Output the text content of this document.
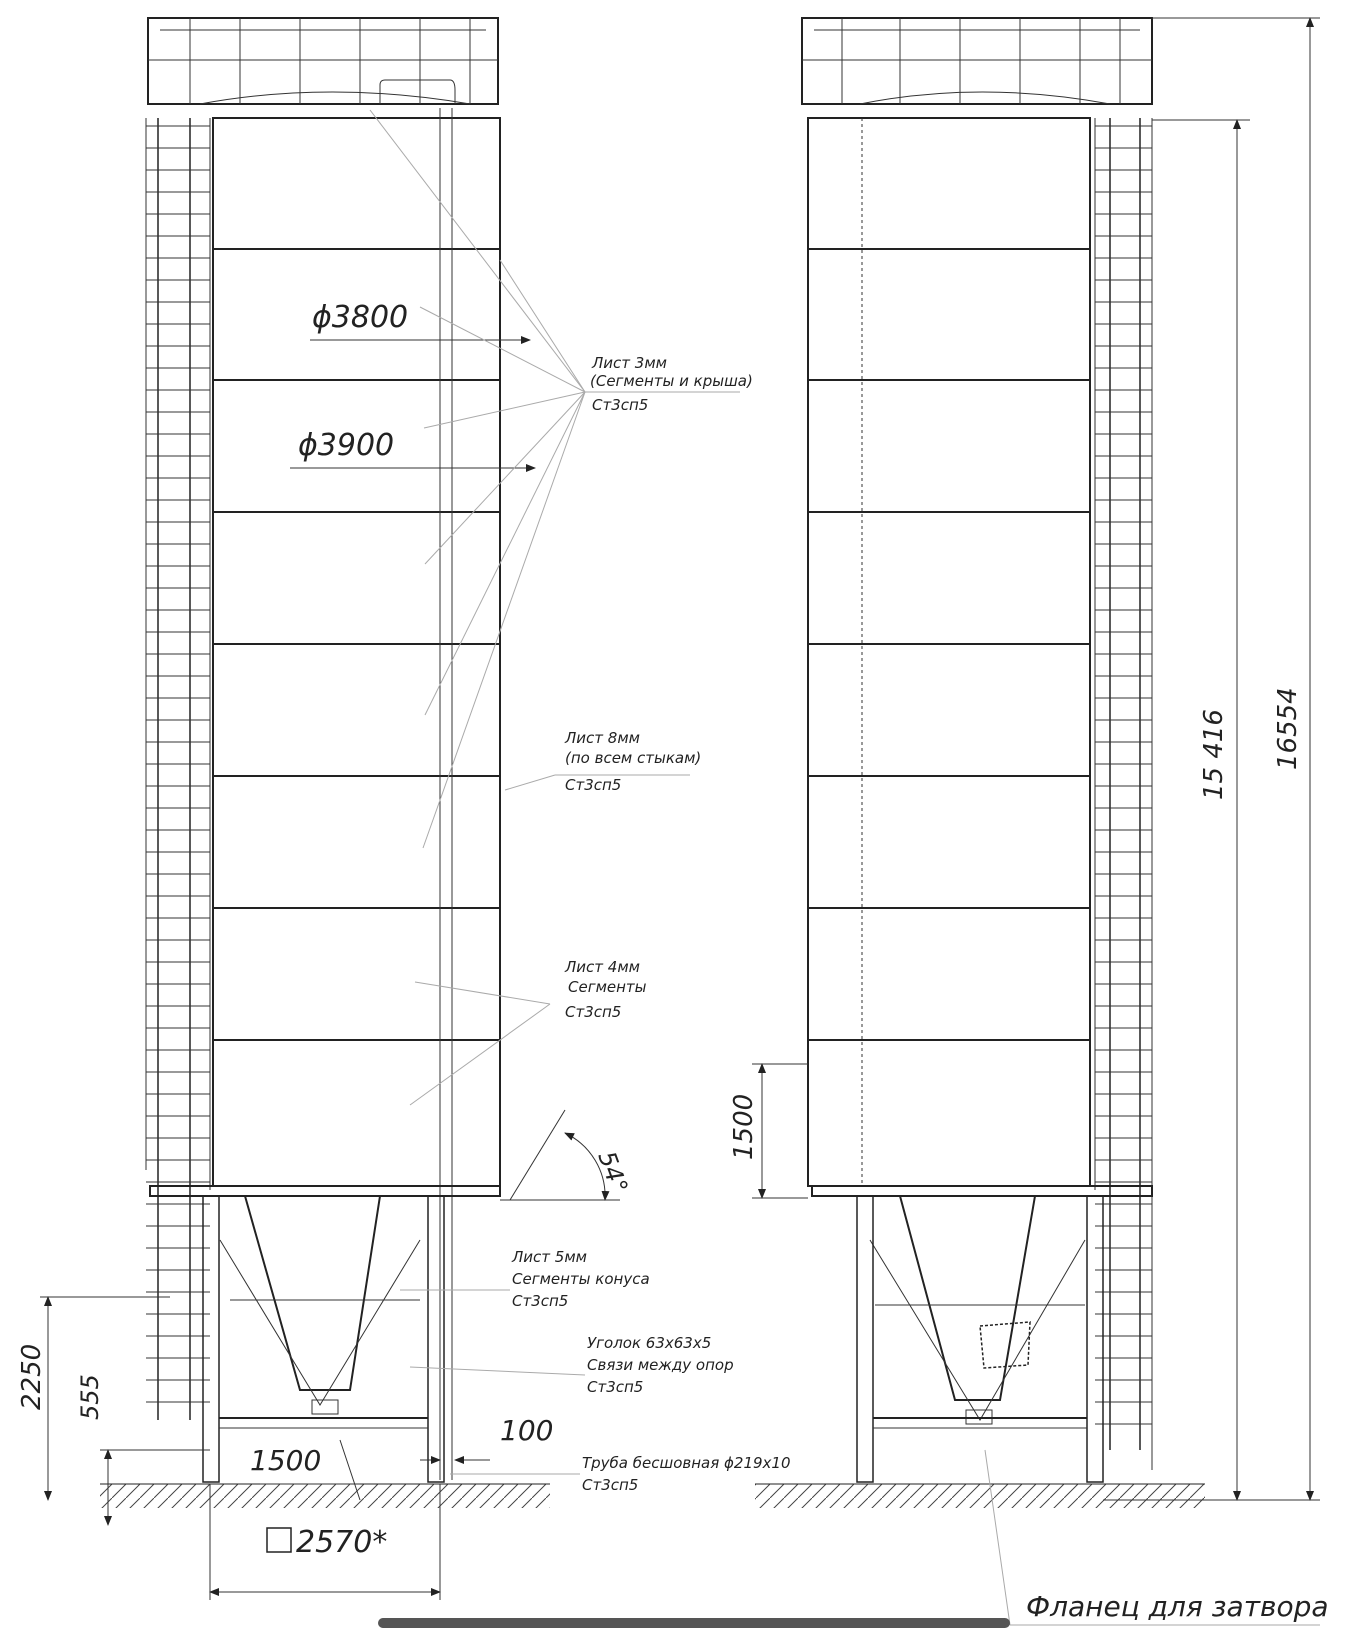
ϕ3800
ϕ3900
54°
2250 555
1500
100
2570*
1500
15 416 16554
Лист 3мм
(Сегменты и крыша)
Ст3сп5
Лист 8мм
(по всем стыкам)
Ст3сп5
Лист 4мм
Сегменты
Ст3сп5
Лист 5мм
Сегменты конуса
Ст3сп5
Уголок 63х63х5
Связи между опор
Ст3сп5
Труба бесшовная ϕ219х10
Ст3сп5
Фланец для затвора
